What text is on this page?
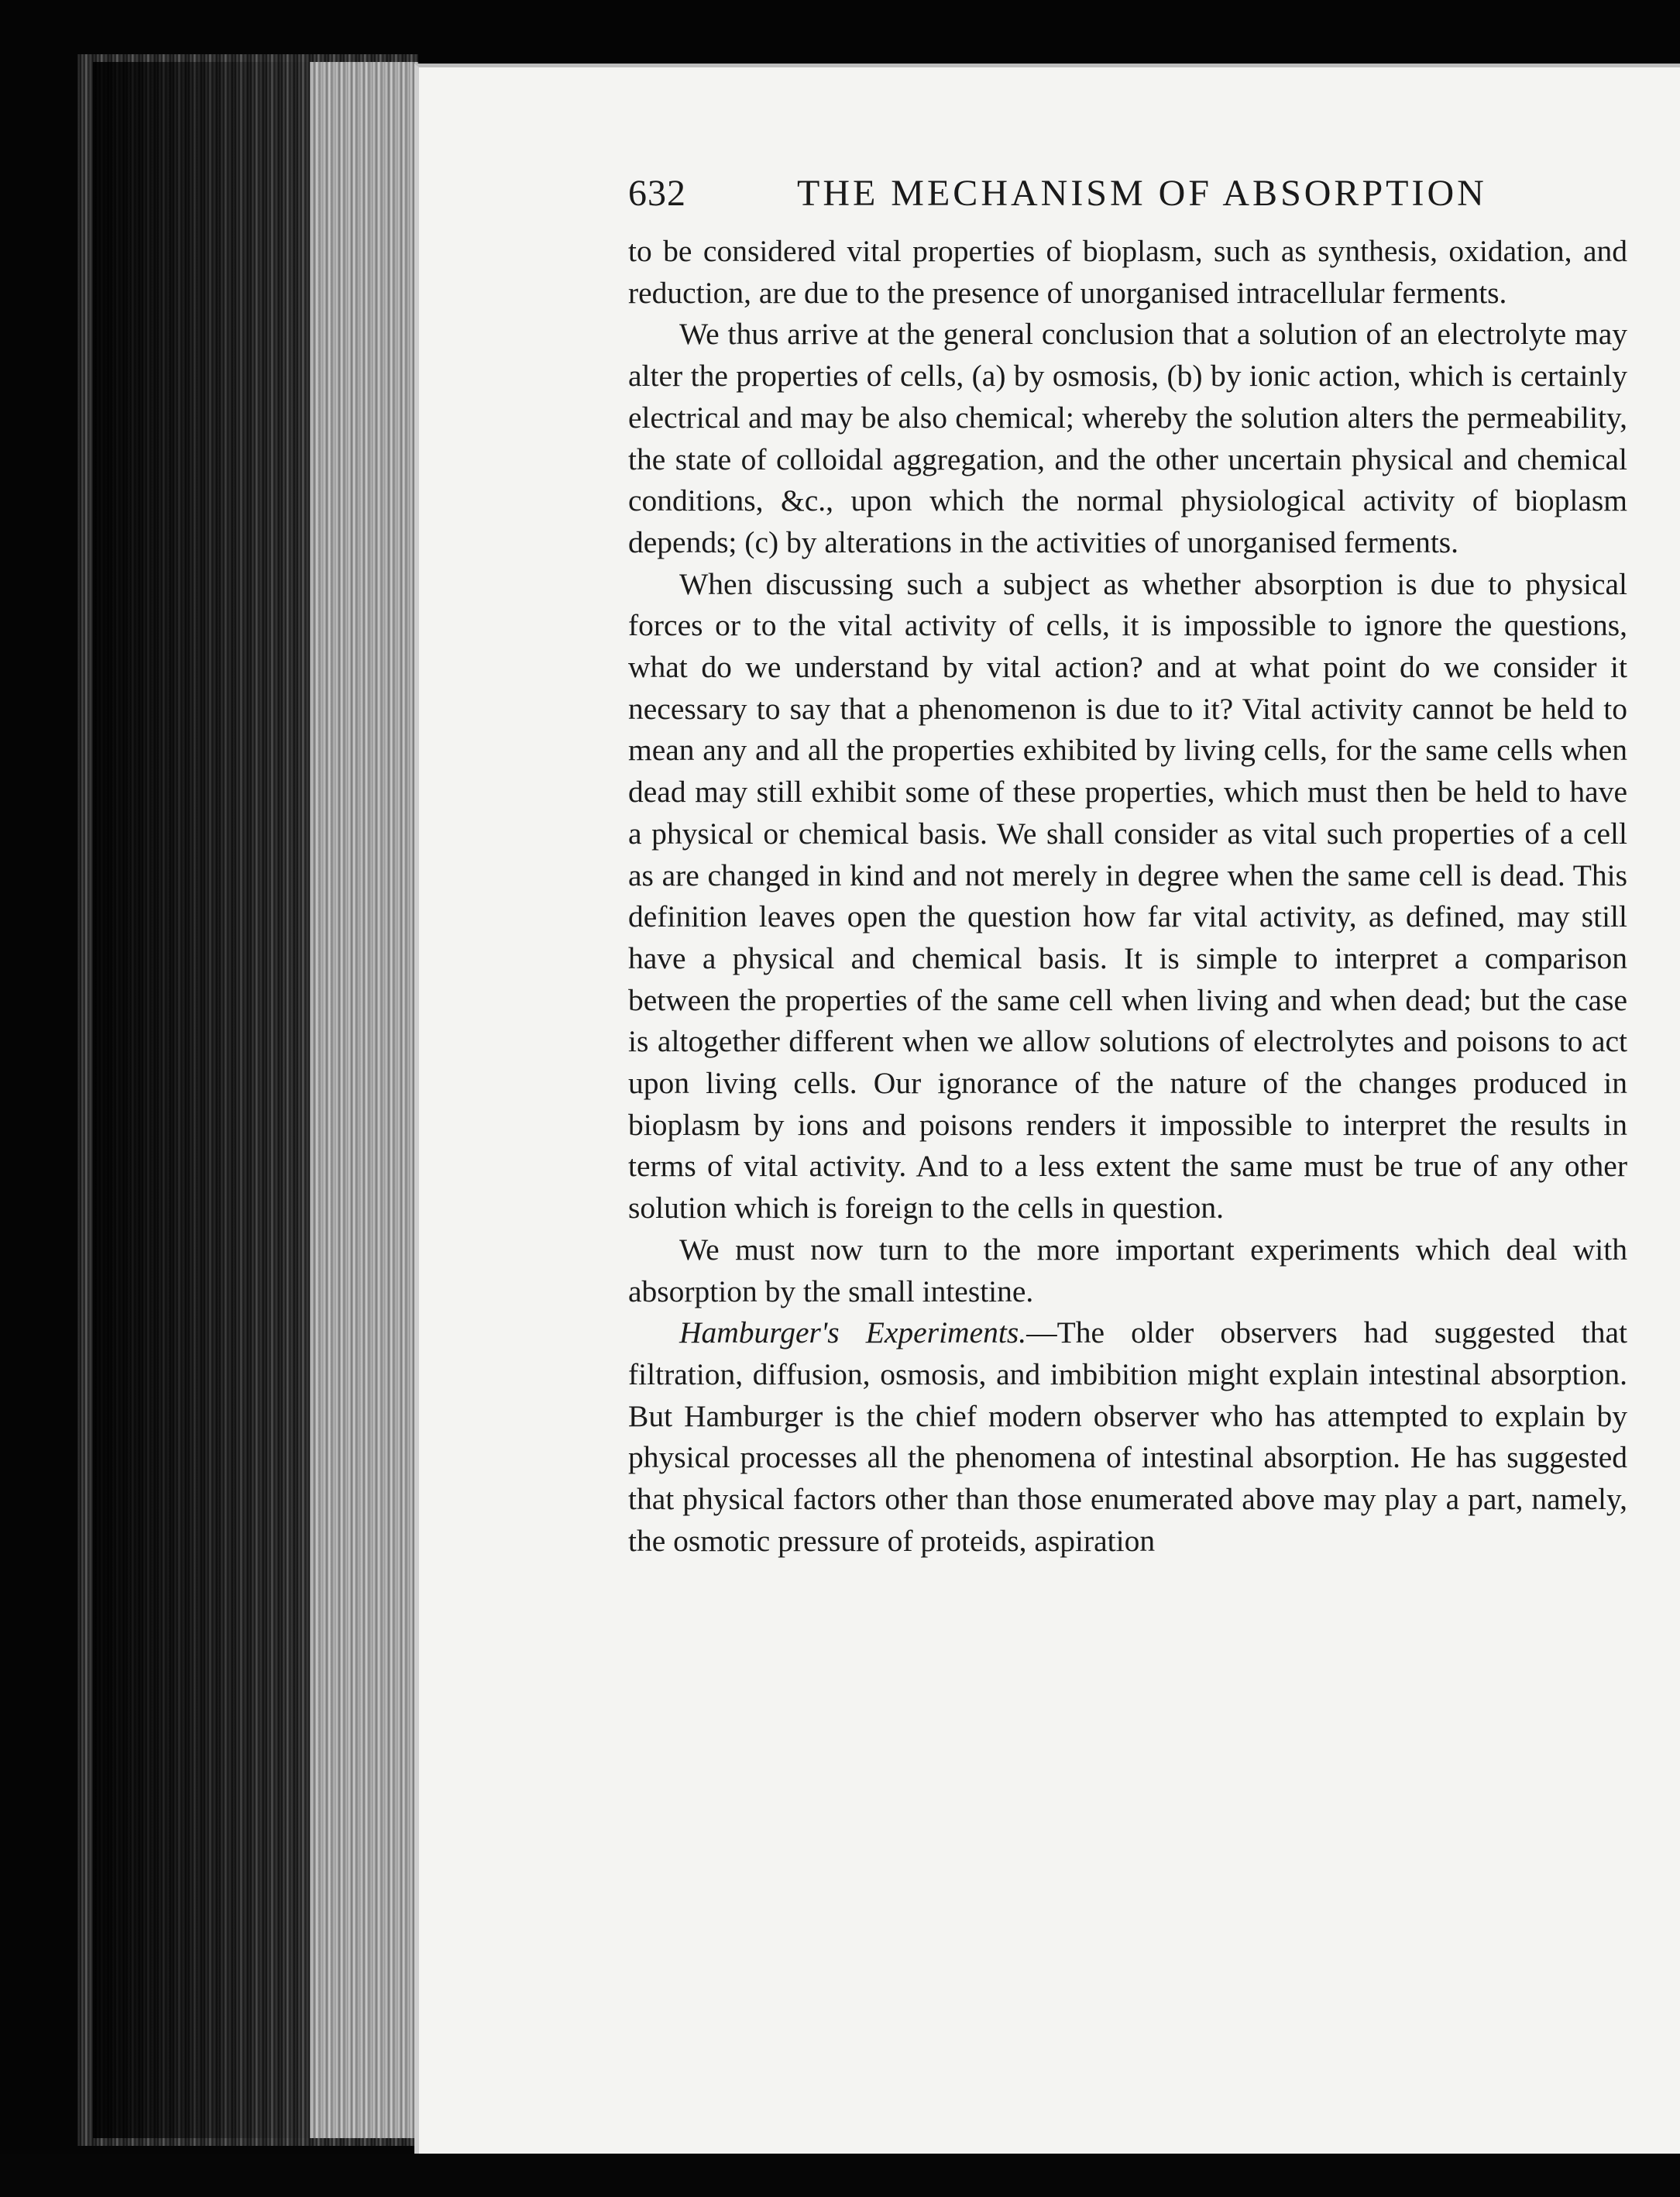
632	THE MECHANISM OF ABSORPTION

to be considered vital properties of bioplasm, such as synthesis, oxidation, and reduction, are due to the presence of unorganised intracellular ferments.

We thus arrive at the general conclusion that a solution of an electrolyte may alter the properties of cells, (a) by osmosis, (b) by ionic action, which is certainly electrical and may be also chemical; whereby the solution alters the permeability, the state of colloidal aggregation, and the other uncertain physical and chemical conditions, &c., upon which the normal physiological activity of bioplasm depends; (c) by alterations in the activities of unorganised ferments.

When discussing such a subject as whether absorption is due to physical forces or to the vital activity of cells, it is impossible to ignore the questions, what do we understand by vital action? and at what point do we consider it necessary to say that a phenomenon is due to it? Vital activity cannot be held to mean any and all the properties exhibited by living cells, for the same cells when dead may still exhibit some of these properties, which must then be held to have a physical or chemical basis. We shall consider as vital such properties of a cell as are changed in kind and not merely in degree when the same cell is dead. This definition leaves open the question how far vital activity, as defined, may still have a physical and chemical basis. It is simple to interpret a comparison between the properties of the same cell when living and when dead; but the case is altogether different when we allow solutions of electrolytes and poisons to act upon living cells. Our ignorance of the nature of the changes produced in bioplasm by ions and poisons renders it impossible to interpret the results in terms of vital activity. And to a less extent the same must be true of any other solution which is foreign to the cells in question.

We must now turn to the more important experiments which deal with absorption by the small intestine.

Hamburger's Experiments.—The older observers had suggested that filtration, diffusion, osmosis, and imbibition might explain intestinal absorption. But Hamburger is the chief modern observer who has attempted to explain by physical processes all the phenomena of intestinal absorption. He has suggested that physical factors other than those enumerated above may play a part, namely, the osmotic pressure of proteids, aspiration
